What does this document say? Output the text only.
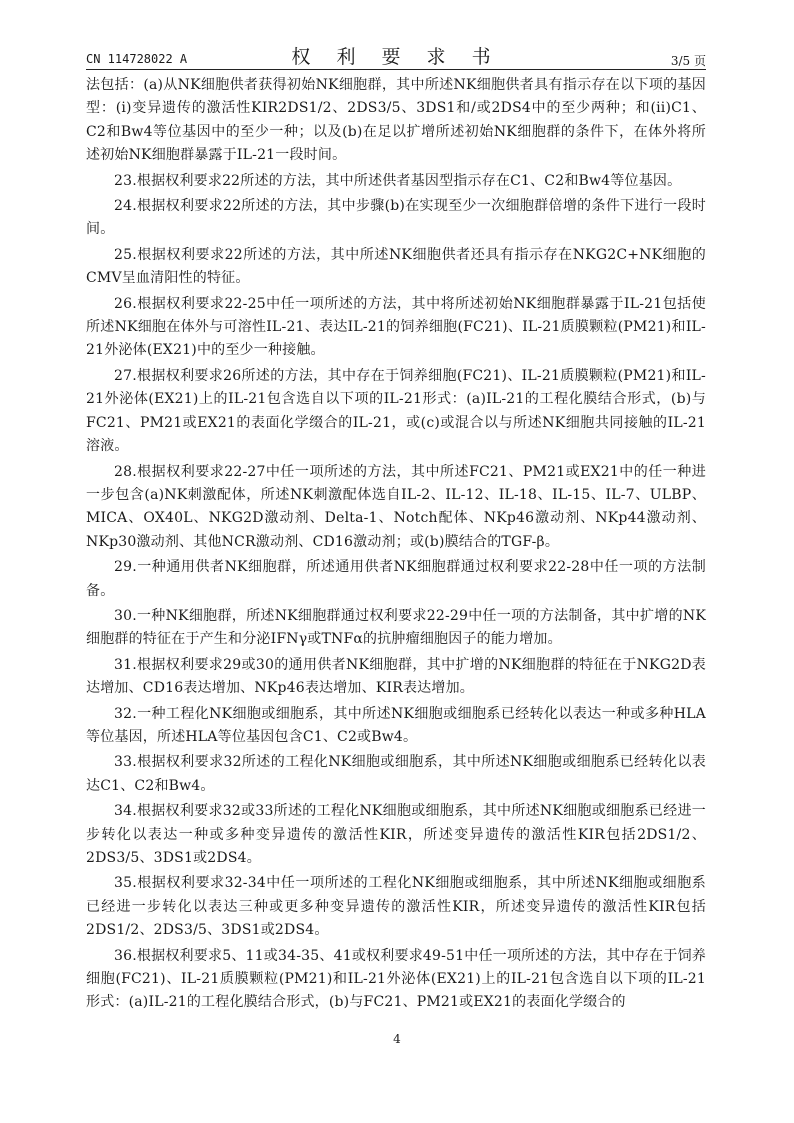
CN 114728022 A	权 利 要 求 书	3/5 页

法包括：(a)从NK细胞供者获得初始NK细胞群，其中所述NK细胞供者具有指示存在以下项的基因型：(i)变异遗传的激活性KIR2DS1/2、2DS3/5、3DS1和/或2DS4中的至少两种；和(ii)C1、C2和Bw4等位基因中的至少一种；以及(b)在足以扩增所述初始NK细胞群的条件下，在体外将所述初始NK细胞群暴露于IL-21一段时间。

23.根据权利要求22所述的方法，其中所述供者基因型指示存在C1、C2和Bw4等位基因。

24.根据权利要求22所述的方法，其中步骤(b)在实现至少一次细胞群倍增的条件下进行一段时间。

25.根据权利要求22所述的方法，其中所述NK细胞供者还具有指示存在NKG2C+NK细胞的CMV呈血清阳性的特征。

26.根据权利要求22-25中任一项所述的方法，其中将所述初始NK细胞群暴露于IL-21包括使所述NK细胞在体外与可溶性IL-21、表达IL-21的饲养细胞(FC21)、IL-21质膜颗粒(PM21)和IL-21外泌体(EX21)中的至少一种接触。

27.根据权利要求26所述的方法，其中存在于饲养细胞(FC21)、IL-21质膜颗粒(PM21)和IL-21外泌体(EX21)上的IL-21包含选自以下项的IL-21形式：(a)IL-21的工程化膜结合形式，(b)与FC21、PM21或EX21的表面化学缀合的IL-21，或(c)或混合以与所述NK细胞共同接触的IL-21溶液。

28.根据权利要求22-27中任一项所述的方法，其中所述FC21、PM21或EX21中的任一种进一步包含(a)NK刺激配体，所述NK刺激配体选自IL-2、IL-12、IL-18、IL-15、IL-7、ULBP、MICA、OX40L、NKG2D激动剂、Delta-1、Notch配体、NKp46激动剂、NKp44激动剂、NKp30激动剂、其他NCR激动剂、CD16激动剂；或(b)膜结合的TGF-β。

29.一种通用供者NK细胞群，所述通用供者NK细胞群通过权利要求22-28中任一项的方法制备。

30.一种NK细胞群，所述NK细胞群通过权利要求22-29中任一项的方法制备，其中扩增的NK细胞群的特征在于产生和分泌IFNγ或TNFα的抗肿瘤细胞因子的能力增加。

31.根据权利要求29或30的通用供者NK细胞群，其中扩增的NK细胞群的特征在于NKG2D表达增加、CD16表达增加、NKp46表达增加、KIR表达增加。

32.一种工程化NK细胞或细胞系，其中所述NK细胞或细胞系已经转化以表达一种或多种HLA等位基因，所述HLA等位基因包含C1、C2或Bw4。

33.根据权利要求32所述的工程化NK细胞或细胞系，其中所述NK细胞或细胞系已经转化以表达C1、C2和Bw4。

34.根据权利要求32或33所述的工程化NK细胞或细胞系，其中所述NK细胞或细胞系已经进一步转化以表达一种或多种变异遗传的激活性KIR，所述变异遗传的激活性KIR包括2DS1/2、2DS3/5、3DS1或2DS4。

35.根据权利要求32-34中任一项所述的工程化NK细胞或细胞系，其中所述NK细胞或细胞系已经进一步转化以表达三种或更多种变异遗传的激活性KIR，所述变异遗传的激活性KIR包括2DS1/2、2DS3/5、3DS1或2DS4。

36.根据权利要求5、11或34-35、41或权利要求49-51中任一项所述的方法，其中存在于饲养细胞(FC21)、IL-21质膜颗粒(PM21)和IL-21外泌体(EX21)上的IL-21包含选自以下项的IL-21形式：(a)IL-21的工程化膜结合形式，(b)与FC21、PM21或EX21的表面化学缀合的

4
